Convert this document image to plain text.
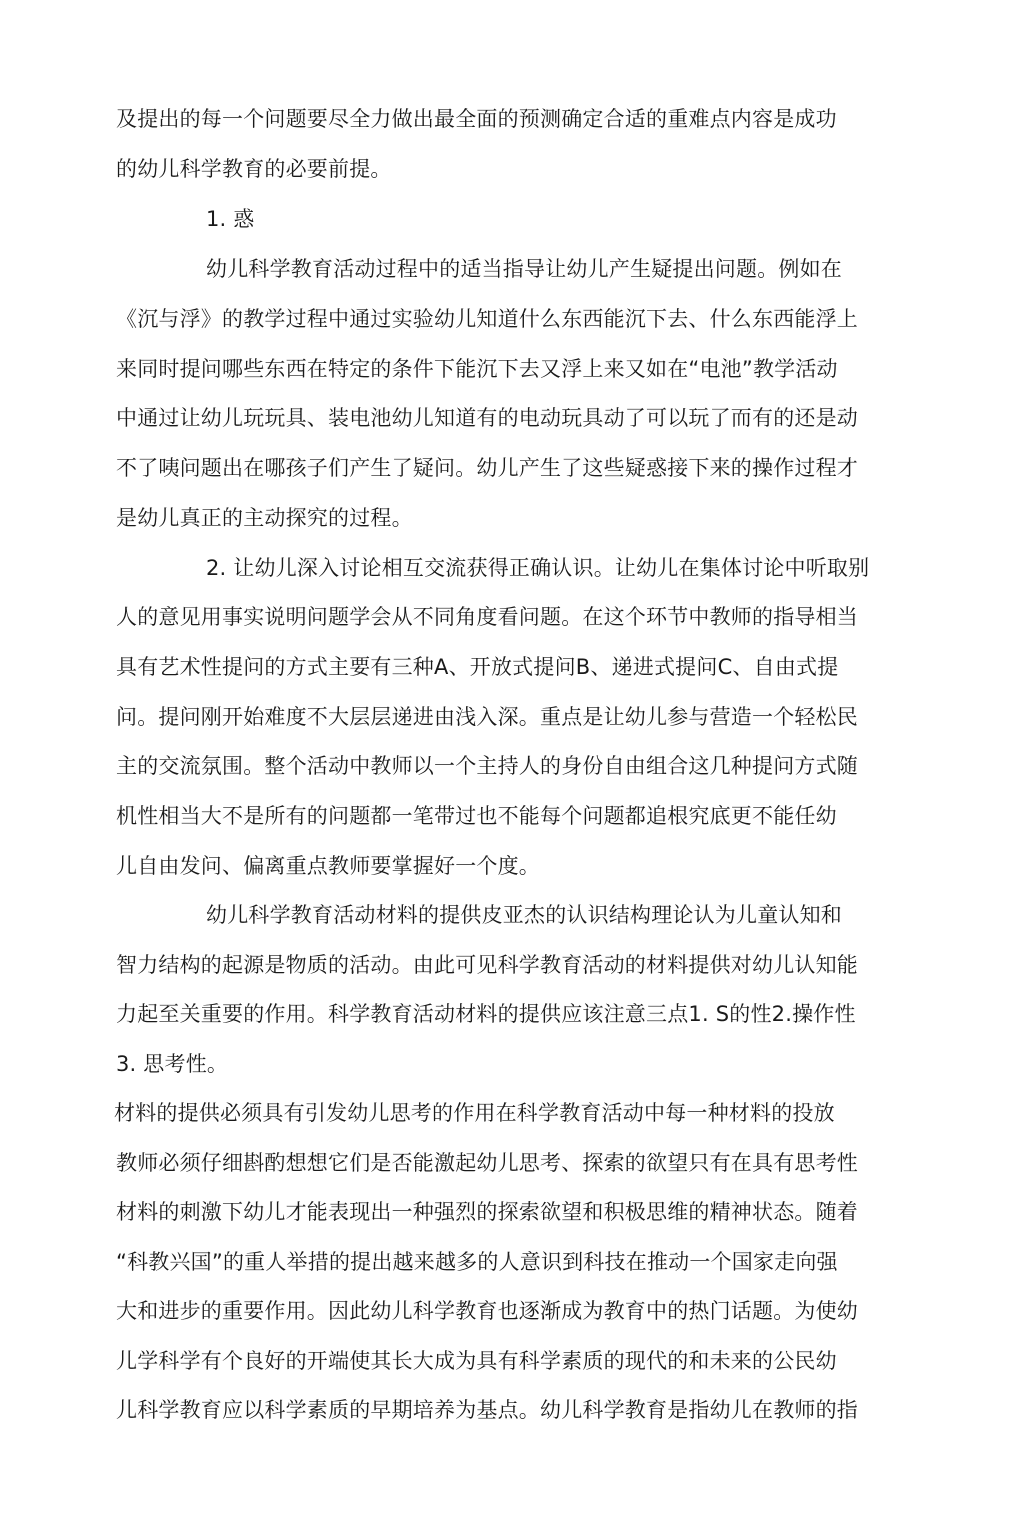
及提出的每一个问题要尽全力做出最全面的预测确定合适的重难点内容是成功
的幼儿科学教育的必要前提。
1. 惑
幼儿科学教育活动过程中的适当指导让幼儿产生疑提出问题。例如在
《沉与浮》的教学过程中通过实验幼儿知道什么东西能沉下去、什么东西能浮上
来同时提问哪些东西在特定的条件下能沉下去又浮上来又如在“电池”教学活动
中通过让幼儿玩玩具、装电池幼儿知道有的电动玩具动了可以玩了而有的还是动
不了咦问题出在哪孩子们产生了疑问。幼儿产生了这些疑惑接下来的操作过程才
是幼儿真正的主动探究的过程。
2. 让幼儿深入讨论相互交流获得正确认识。让幼儿在集体讨论中听取别
人的意见用事实说明问题学会从不同角度看问题。在这个环节中教师的指导相当
具有艺术性提问的方式主要有三种A、开放式提问B、递进式提问C、自由式提
问。提问刚开始难度不大层层递进由浅入深。重点是让幼儿参与营造一个轻松民
主的交流氛围。整个活动中教师以一个主持人的身份自由组合这几种提问方式随
机性相当大不是所有的问题都一笔带过也不能每个问题都追根究底更不能任幼
儿自由发问、偏离重点教师要掌握好一个度。
幼儿科学教育活动材料的提供皮亚杰的认识结构理论认为儿童认知和
智力结构的起源是物质的活动。由此可见科学教育活动的材料提供对幼儿认知能
力起至关重要的作用。科学教育活动材料的提供应该注意三点1. S的性2.操作性
3. 思考性。
材料的提供必须具有引发幼儿思考的作用在科学教育活动中每一种材料的投放
教师必须仔细斟酌想想它们是否能激起幼儿思考、探索的欲望只有在具有思考性
材料的刺激下幼儿才能表现出一种强烈的探索欲望和积极思维的精神状态。随着
“科教兴国”的重人举措的提出越来越多的人意识到科技在推动一个国家走向强
大和进步的重要作用。因此幼儿科学教育也逐渐成为教育中的热门话题。为使幼
儿学科学有个良好的开端使其长大成为具有科学素质的现代的和未来的公民幼
儿科学教育应以科学素质的早期培养为基点。幼儿科学教育是指幼儿在教师的指
